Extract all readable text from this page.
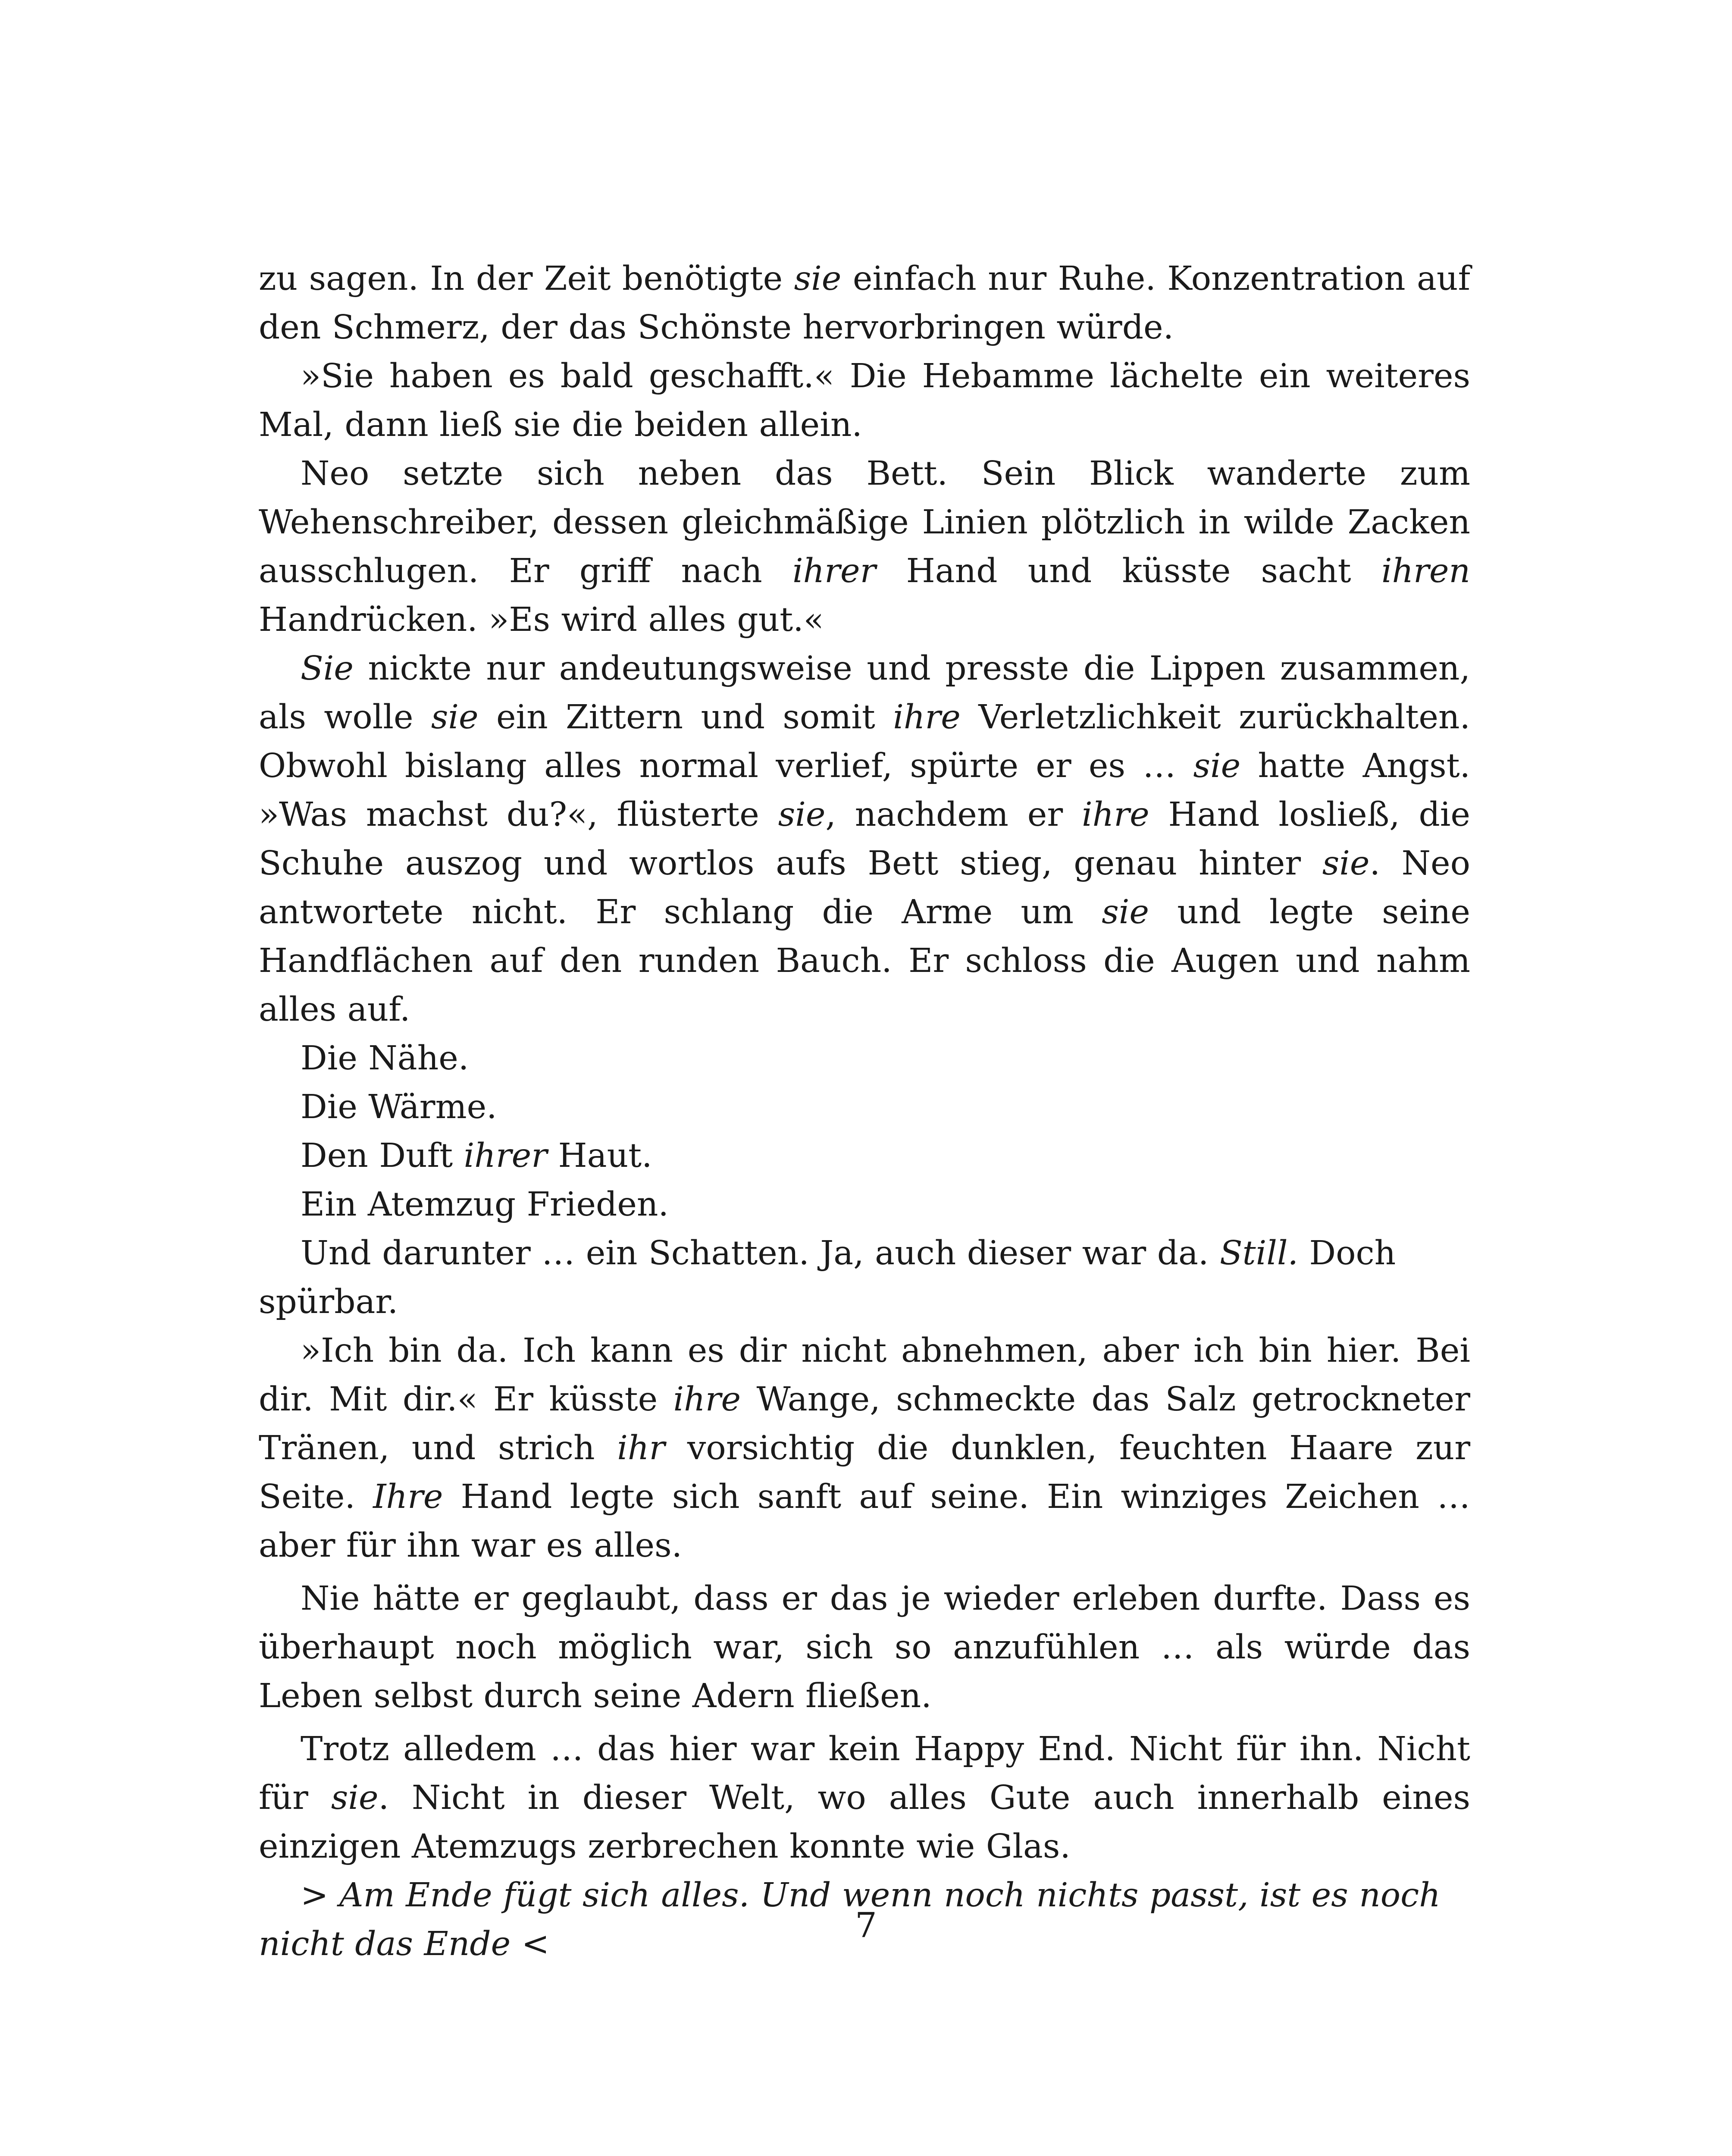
zu sagen. In der Zeit benötigte sie einfach nur Ruhe. Konzentration auf den Schmerz, der das Schönste hervorbringen würde.

»Sie haben es bald geschafft.« Die Hebamme lächelte ein weiteres Mal, dann ließ sie die beiden allein.

Neo setzte sich neben das Bett. Sein Blick wanderte zum Wehenschreiber, dessen gleichmäßige Linien plötzlich in wilde Zacken ausschlugen. Er griff nach ihrer Hand und küsste sacht ihren Handrücken. »Es wird alles gut.«

Sie nickte nur andeutungsweise und presste die Lippen zusammen, als wolle sie ein Zittern und somit ihre Verletzlichkeit zurückhalten. Obwohl bislang alles normal verlief, spürte er es … sie hatte Angst. »Was machst du?«, flüsterte sie, nachdem er ihre Hand losließ, die Schuhe auszog und wortlos aufs Bett stieg, genau hinter sie. Neo antwortete nicht. Er schlang die Arme um sie und legte seine Handflächen auf den runden Bauch. Er schloss die Augen und nahm alles auf.

Die Nähe.

Die Wärme.

Den Duft ihrer Haut.

Ein Atemzug Frieden.

Und darunter … ein Schatten. Ja, auch dieser war da. Still. Doch spürbar.

»Ich bin da. Ich kann es dir nicht abnehmen, aber ich bin hier. Bei dir. Mit dir.« Er küsste ihre Wange, schmeckte das Salz getrockneter Tränen, und strich ihr vorsichtig die dunklen, feuchten Haare zur Seite. Ihre Hand legte sich sanft auf seine. Ein winziges Zeichen … aber für ihn war es alles.

Nie hätte er geglaubt, dass er das je wieder erleben durfte. Dass es überhaupt noch möglich war, sich so anzufühlen … als würde das Leben selbst durch seine Adern fließen.

Trotz alledem … das hier war kein Happy End. Nicht für ihn. Nicht für sie. Nicht in dieser Welt, wo alles Gute auch innerhalb eines einzigen Atemzugs zerbrechen konnte wie Glas.

> Am Ende fügt sich alles. Und wenn noch nichts passt, ist es noch nicht das Ende <	7
